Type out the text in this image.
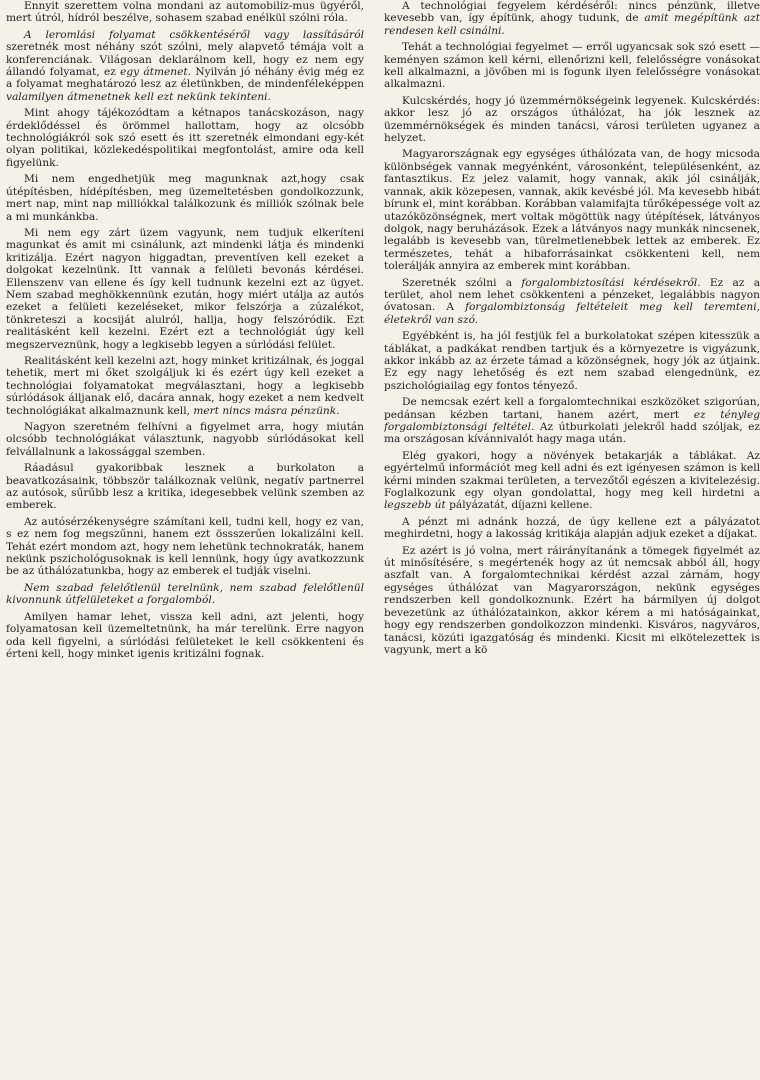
Ennyit szerettem volna mondani az automobiliz-mus ügyéről, mert útról, hídról beszélve, sohasem szabad enélkül szólni róla.

A leromlási folyamat csökkentéséről vagy lassításáról szeretnék most néhány szót szólni, mely alapvető témája volt a konferenciának. Világosan deklarálnom kell, hogy ez nem egy állandó folyamat, ez egy átmenet. Nyilván jó néhány évig még ez a folyamat meghatározó lesz az életünkben, de mindenféleképpen valamilyen átmenetnek kell ezt nekünk tekinteni.

Mint ahogy tájékozódtam a kétnapos tanácskozáson, nagy érdeklődéssel és örömmel hallottam, hogy az olcsóbb technológiákról sok szó esett és itt szeretnék elmondani egy-két olyan politikai, közlekedéspolitikai megfontolást, amire oda kell figyelünk.

Mi nem engedhetjük meg magunknak azt,hogy csak útépítésben, hídépítésben, meg üzemeltetésben gondolkozzunk, mert nap, mint nap milliókkal találkozunk és milliók szólnak bele a mi munkánkba.

Mi nem egy zárt üzem vagyunk, nem tudjuk elkeríteni magunkat és amit mi csinálunk, azt mindenki látja és mindenki kritizálja. Ezért nagyon higgadtan, preventíven kell ezeket a dolgokat kezelnünk. Itt vannak a felületi bevonás kérdései. Ellenszenv van ellene és így kell tudnunk kezelni ezt az ügyet. Nem szabad meghökkennünk ezután, hogy miért utálja az autós ezeket a felületi kezeléseket, mikor felszórja a zúzalékot, tönkreteszi a kocsiját alulról, hallja, hogy felszóródik. Ezt realitásként kell kezelni. Ezért ezt a technológiát úgy kell megszerveznünk, hogy a legkisebb legyen a súrlódási felület.

Realitásként kell kezelni azt, hogy minket kritizálnak, és joggal tehetik, mert mi őket szolgáljuk ki és ezért úgy kell ezeket a technológiai folyamatokat megválasztani, hogy a legkisebb súrlódások álljanak elő, dacára annak, hogy ezeket a nem kedvelt technológiákat alkalmaznunk kell, mert nincs másra pénzünk.

Nagyon szeretném felhívni a figyelmet arra, hogy miután olcsóbb technológiákat választunk, nagyobb súrlódásokat kell felvállalnunk a lakossággal szemben.

Ráadásul gyakoribbak lesznek a burkolaton a beavatkozásaink, többször találkoznak velünk, negatív partnerrel az autósok, sűrűbb lesz a kritika, idegesebbek velünk szemben az emberek.

Az autósérzékenységre számítani kell, tudni kell, hogy ez van, s ez nem fog megszűnni, hanem ezt össszerűen lokalizálni kell. Tehát ezért mondom azt, hogy nem lehetünk technokraták, hanem nekünk pszichológusoknak is kell lennünk, hogy úgy avatkozzunk be az úthálózatunkba, hogy az emberek el tudják viselni.

Nem szabad felelőtlenül terelnünk, nem szabad felelőtlenül kivonnunk útfelületeket a forgalomból.

Amilyen hamar lehet, vissza kell adni, azt jelenti, hogy folyamatosan kell üzemeltetnünk, ha már terelünk. Erre nagyon oda kell figyelni, a súrlódási felületeket le kell csökkenteni és érteni kell, hogy minket igenis kritizálni fognak.

A technológiai fegyelem kérdéséről: nincs pénzünk, illetve kevesebb van, így építünk, ahogy tudunk, de amit megépítünk azt rendesen kell csinálni.

Tehát a technológiai fegyelmet — erről ugyancsak sok szó esett — keményen számon kell kérni, ellenőrizni kell, felelősségre vonásokat kell alkalmazni, a jövőben mi is fogunk ilyen felelősségre vonásokat alkalmazni.

Kulcskérdés, hogy jó üzemmérnökségeink legyenek. Kulcskérdés: akkor lesz jó az országos úthálózat, ha jók lesznek az üzemmérnökségek és minden tanácsi, városi területen ugyanez a helyzet.

Magyarországnak egy egységes úthálózata van, de hogy micsoda különbségek vannak megyénként, városonként, településenként, az fantasztikus. Ez jelez valamit, hogy vannak, akik jól csinálják, vannak, akik közepesen, vannak, akik kevésbé jól. Ma kevesebb hibát bírunk el, mint korábban. Korábban valamifajta tűrőképessége volt az utazóközönségnek, mert voltak mögöttük nagy útépítések, látványos dolgok, nagy beruházások. Ezek a látványos nagy munkák nincsenek, legalább is kevesebb van, türelmetlenebbek lettek az emberek. Ez természetes, tehát a hibaforrásainkat csökkenteni kell, nem tolerálják annyira az emberek mint korábban.

Szeretnék szólni a forgalombiztosítási kérdésekről. Ez az a terület, ahol nem lehet csökkenteni a pénzeket, legalábbis nagyon óvatosan. A forgalombiztonság feltételeit meg kell teremteni, életekről van szó.

Egyébként is, ha jól festjük fel a burkolatokat szépen kitesszük a táblákat, a padkákat rendben tartjuk és a környezetre is vigyázunk, akkor inkább az az érzete támad a közönségnek, hogy jók az útjaink. Ez egy nagy lehetőség és ezt nem szabad elengednünk, ez pszichológiailag egy fontos tényező.

De nemcsak ezért kell a forgalomtechnikai eszközöket szigorúan, pedánsan kézben tartani, hanem azért, mert ez tényleg forgalombiztonsági feltétel. Az útburkolati jelekről hadd szóljak, ez ma országosan kívánnivalót hagy maga után.

Elég gyakori, hogy a növények betakarják a táblákat. Az egyértelmű információt meg kell adni és ezt igényesen számon is kell kérni minden szakmai területen, a tervezőtől egészen a kivitelezésig. Foglalkozunk egy olyan gondolattal, hogy meg kell hirdetni a legszebb út pályázatát, díjazni kellene.

A pénzt mi adnánk hozzá, de úgy kellene ezt a pályázatot meghirdetni, hogy a lakosság kritikája alapján adjuk ezeket a díjakat.

Ez azért is jó volna, mert ráirányítanánk a tömegek figyelmét az út minősítésére, s megértenék hogy az út nemcsak abból áll, hogy aszfalt van. A forgalomtechnikai kérdést azzal zárnám, hogy egységes úthálózat van Magyarországon, nekünk egységes rendszerben kell gondolkoznunk. Ezért ha bármilyen új dolgot bevezetünk az úthálózatainkon, akkor kérem a mi hatóságainkat, hogy egy rendszerben gondolkozzon mindenki. Kisváros, nagyváros, tanácsi, közúti igazgatóság és mindenki. Kicsit mi elkötelezettek is vagyunk, mert a kö
